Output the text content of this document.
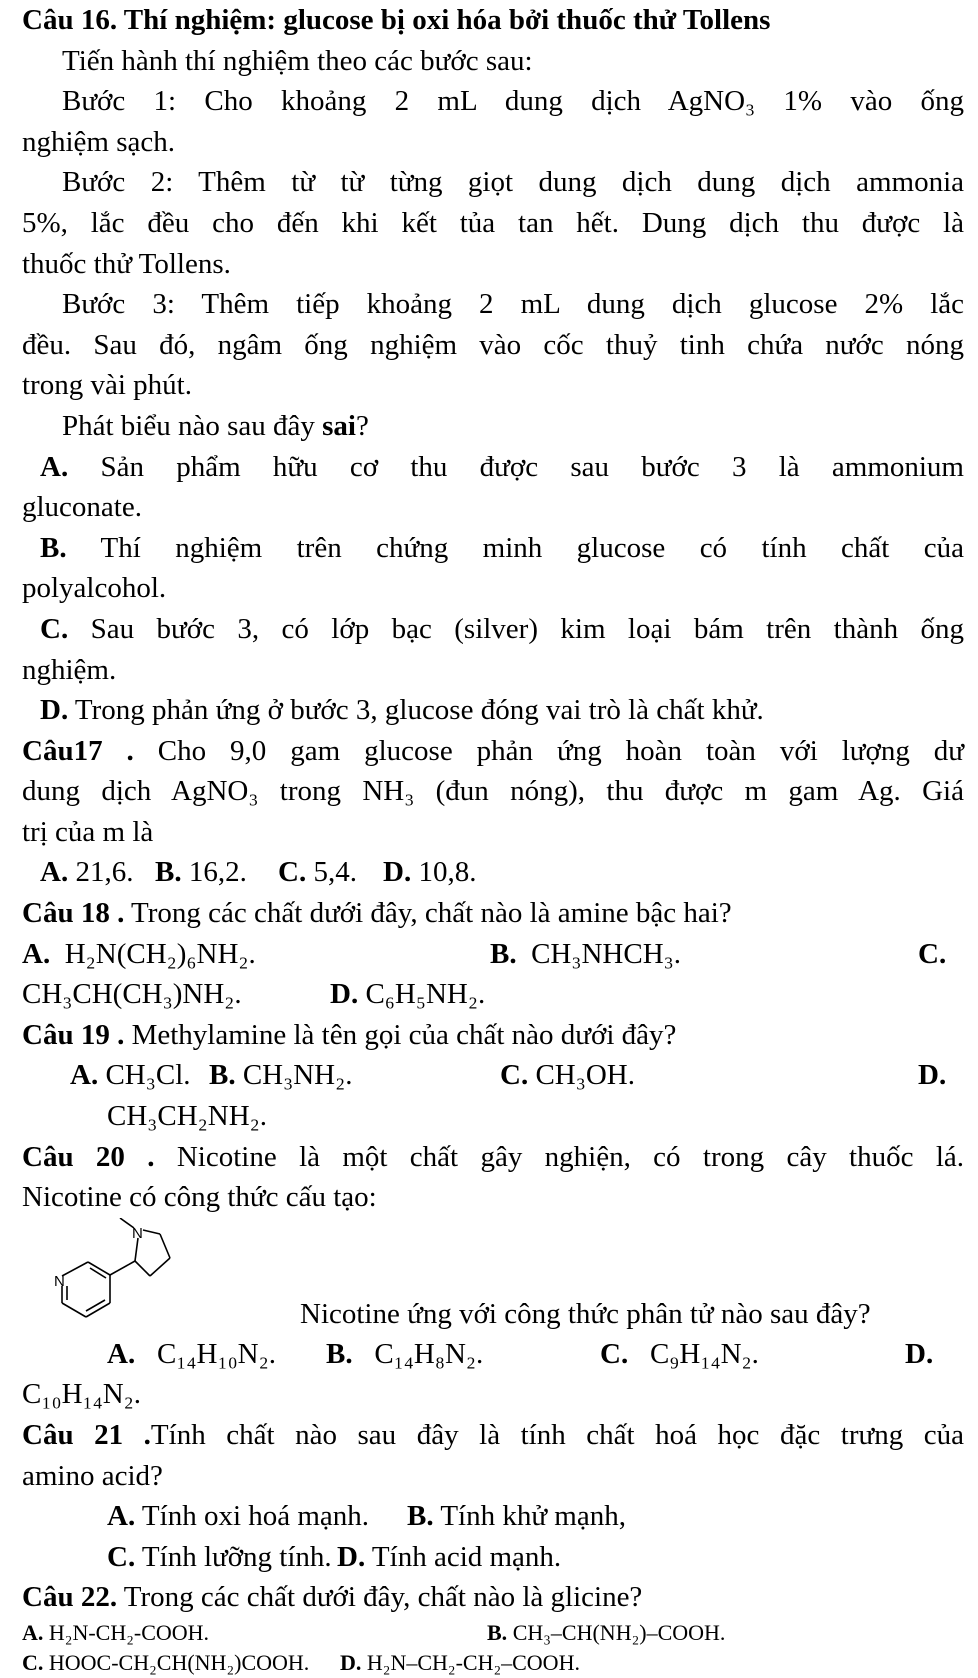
Câu 16. Thí nghiệm: glucose bị oxi hóa bởi thuốc thử Tollens
Tiến hành thí nghiệm theo các bước sau:
Bước 1: Cho khoảng 2 mL dung dịch AgNO₃ 1% vào ống
nghiệm sạch.
Bước 2: Thêm từ từ từng giọt dung dịch dung dịch ammonia
5%, lắc đều cho đến khi kết tủa tan hết. Dung dịch thu được là
thuốc thử Tollens.
Bước 3: Thêm tiếp khoảng 2 mL dung dịch glucose 2% lắc
đều. Sau đó, ngâm ống nghiệm vào cốc thuỷ tinh chứa nước nóng
trong vài phút.
Phát biểu nào sau đây sai?
A. Sản phẩm hữu cơ thu được sau bước 3 là ammonium
gluconate.
B. Thí nghiệm trên chứng minh glucose có tính chất của
polyalcohol.
C. Sau bước 3, có lớp bạc (silver) kim loại bám trên thành ống
nghiệm.
D. Trong phản ứng ở bước 3, glucose đóng vai trò là chất khử.
Câu17 . Cho 9,0 gam glucose phản ứng hoàn toàn với lượng dư
dung dịch AgNO₃ trong NH₃ (đun nóng), thu được m gam Ag. Giá
trị của m là
A. 21,6. B. 16,2. C. 5,4. D. 10,8.
Câu 18 . Trong các chất dưới đây, chất nào là amine bậc hai?
A.  H₂N(CH₂)₆NH₂.	B.  CH₃NHCH₃.	C.
CH₃CH(CH₃)NH₂.	D. C₆H₅NH₂.
Câu 19 . Methylamine là tên gọi của chất nào dưới đây?
A. CH₃Cl. B. CH₃NH₂.	C. CH₃OH.	D.
CH₃CH₂NH₂.
Câu 20 . Nicotine là một chất gây nghiện, có trong cây thuốc lá.
Nicotine có công thức cấu tạo:
N
N
Nicotine ứng với công thức phân tử nào sau đây?
A. C₁₄H₁₀N₂. B. C₁₄H₈N₂.	C. C₉H₁₄N₂.	D.
C₁₀H₁₄N₂.
Câu 21 .Tính chất nào sau đây là tính chất hoá học đặc trưng của
amino acid?
A. Tính oxi hoá mạnh. B. Tính khử mạnh,
C. Tính lưỡng tính. D. Tính acid mạnh.
Câu 22. Trong các chất dưới đây, chất nào là glicine?
A. H₂N-CH₂-COOH.	B. CH₃–CH(NH₂)–COOH.
C. HOOC-CH₂CH(NH₂)COOH. D. H₂N–CH₂-CH₂–COOH.
